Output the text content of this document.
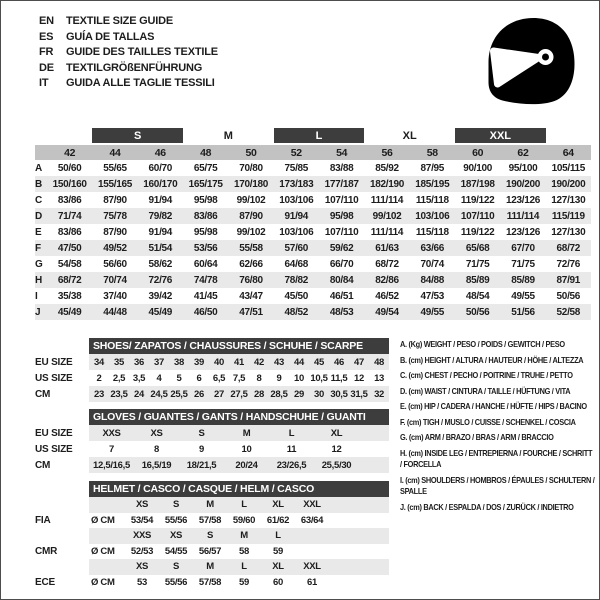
EN	TEXTILE SIZE GUIDE
ES	GUÍA DE TALLAS
FR	GUIDE DES TAILLES TEXTILE
DE	TEXTILGRÖßENFÜHRUNG
IT	GUIDA ALLE TAGLIE TESSILI
		S		M		L		XL		XXL		
	42	44	46	48	50	52	54	56	58	60	62	64
A	50/60	55/65	60/70	65/75	70/80	75/85	83/88	85/92	87/95	90/100	95/100	105/115
B	150/160	155/165	160/170	165/175	170/180	173/183	177/187	182/190	185/195	187/198	190/200	190/200
C	83/86	87/90	91/94	95/98	99/102	103/106	107/110	111/114	115/118	119/122	123/126	127/130
D	71/74	75/78	79/82	83/86	87/90	91/94	95/98	99/102	103/106	107/110	111/114	115/119
E	83/86	87/90	91/94	95/98	99/102	103/106	107/110	111/114	115/118	119/122	123/126	127/130
F	47/50	49/52	51/54	53/56	55/58	57/60	59/62	61/63	63/66	65/68	67/70	68/72
G	54/58	56/60	58/62	60/64	62/66	64/68	66/70	68/72	70/74	71/75	71/75	72/76
H	68/72	70/74	72/76	74/78	76/80	78/82	80/84	82/86	84/88	85/89	85/89	87/91
I	35/38	37/40	39/42	41/45	43/47	45/50	46/51	46/52	47/53	48/54	49/55	50/56
J	45/49	44/48	45/49	46/50	47/51	48/52	48/53	49/54	49/55	50/56	51/56	52/58
	SHOES/ ZAPATOS / CHAUSSURES / SCHUHE / SCARPE														
EU SIZE	34	35	36	37	38	39	40	41	42	43	44	45	46	47	48
US SIZE	2	2,5	3,5	4	5	6	6,5	7,5	8	9	10	10,5	11,5	12	13
CM	23	23,5	24	24,5	25,5	26	27	27,5	28	28,5	29	30	30,5	31,5	32
	GLOVES / GUANTES / GANTS / HANDSCHUHE / GUANTI						
EU SIZE	XXS	XS	S	M	L	XL	
US SIZE	7	8	9	10	11	12	
CM	12,5/16,5	16,5/19	18/21,5	20/24	23/26,5	25,5/30	
	HELMET / CASCO / CASQUE / HELM / CASCO							
		XS	S	M	L	XL	XXL	
FIA	Ø CM	53/54	55/56	57/58	59/60	61/62	63/64	
		XXS	XS	S	M	L		
CMR	Ø CM	52/53	54/55	56/57	58	59		
		XS	S	M	L	XL	XXL	
ECE	Ø CM	53	55/56	57/58	59	60	61	
A. (Kg) WEIGHT / PESO / POIDS / GEWITCH / PESO
B. (cm) HEIGHT / ALTURA / HAUTEUR / HÖHE / ALTEZZA
C. (cm) CHEST / PECHO / POITRINE / TRUHE / PETTO
D. (cm) WAIST / CINTURA / TAILLE / HÜFTUNG / VITA
E. (cm) HIP / CADERA / HANCHE / HÜFTE / HIPS / BACINO
F. (cm) TIGH / MUSLO / CUISSE / SCHENKEL / COSCIA
G. (cm) ARM / BRAZO / BRAS / ARM / BRACCIO
H. (cm) INSIDE LEG / ENTREPIERNA / FOURCHE / SCHRITT / FORCELLA
I. (cm) SHOULDERS / HOMBROS / ÉPAULES / SCHULTERN / SPALLE
J. (cm) BACK / ESPALDA / DOS / ZURÜCK / INDIETRO
